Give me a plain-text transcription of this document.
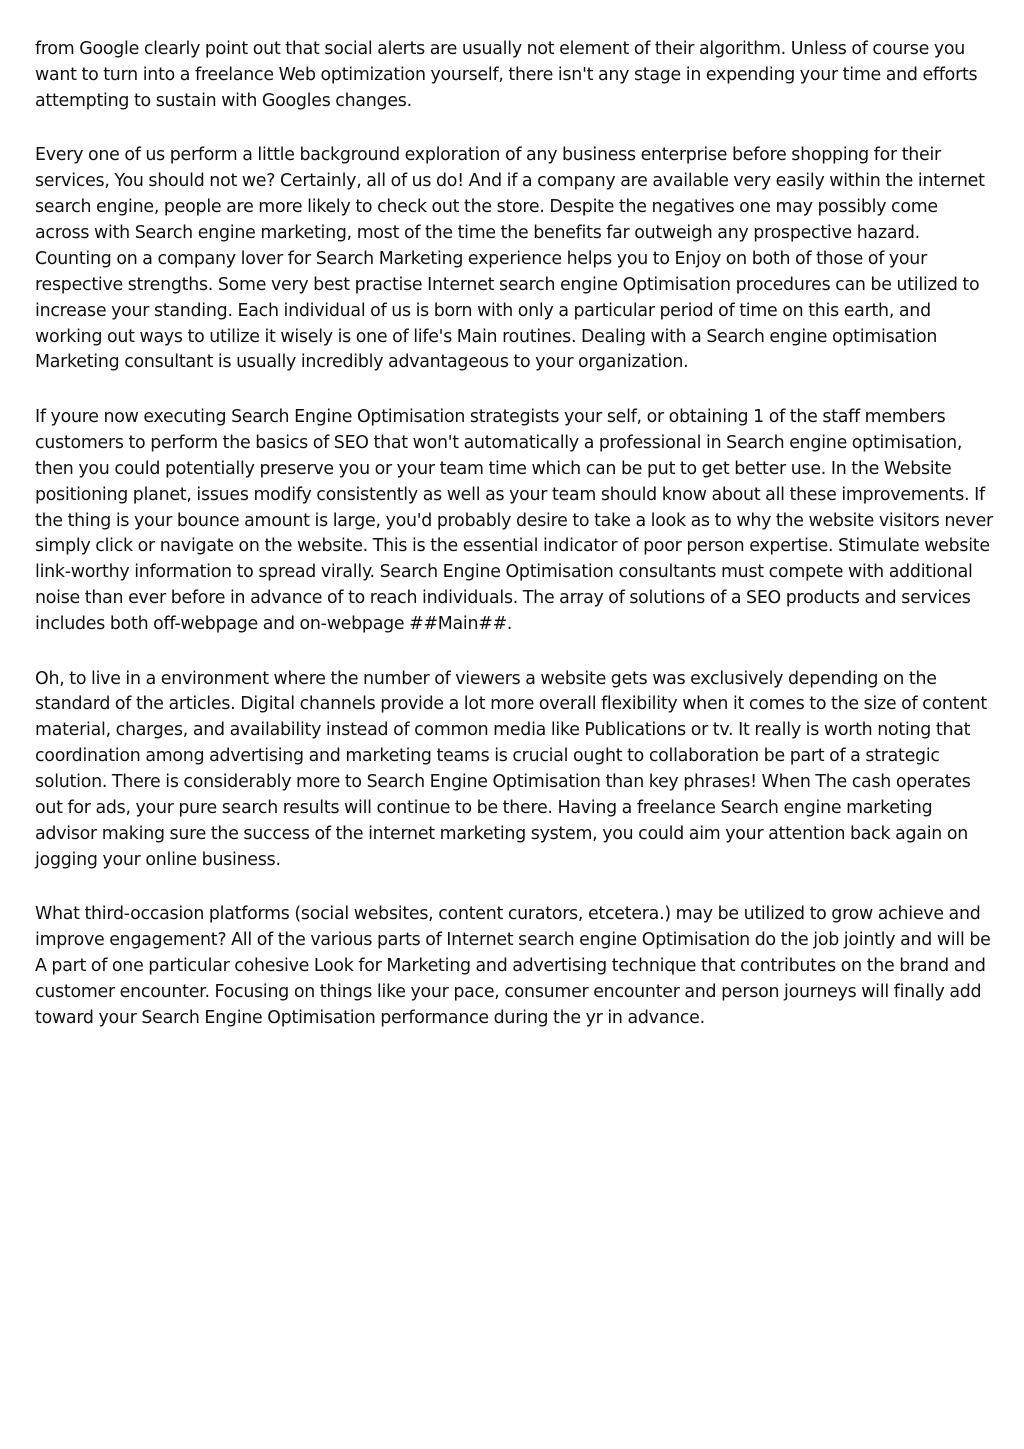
from Google clearly point out that social alerts are usually not element of their algorithm. Unless of course you want to turn into a freelance Web optimization yourself, there isn't any stage in expending your time and efforts attempting to sustain with Googles changes.

Every one of us perform a little background exploration of any business enterprise before shopping for their services, You should not we? Certainly, all of us do! And if a company are available very easily within the internet search engine, people are more likely to check out the store. Despite the negatives one may possibly come across with Search engine marketing, most of the time the benefits far outweigh any prospective hazard. Counting on a company lover for Search Marketing experience helps you to Enjoy on both of those of your respective strengths. Some very best practise Internet search engine Optimisation procedures can be utilized to increase your standing. Each individual of us is born with only a particular period of time on this earth, and working out ways to utilize it wisely is one of life's Main routines. Dealing with a Search engine optimisation Marketing consultant is usually incredibly advantageous to your organization.

If youre now executing Search Engine Optimisation strategists your self, or obtaining 1 of the staff members customers to perform the basics of SEO that won't automatically a professional in Search engine optimisation, then you could potentially preserve you or your team time which can be put to get better use. In the Website positioning planet, issues modify consistently as well as your team should know about all these improvements. If the thing is your bounce amount is large, you'd probably desire to take a look as to why the website visitors never simply click or navigate on the website. This is the essential indicator of poor person expertise. Stimulate website link-worthy information to spread virally. Search Engine Optimisation consultants must compete with additional noise than ever before in advance of to reach individuals. The array of solutions of a SEO products and services includes both off-webpage and on-webpage ##Main##.

Oh, to live in a environment where the number of viewers a website gets was exclusively depending on the standard of the articles. Digital channels provide a lot more overall flexibility when it comes to the size of content material, charges, and availability instead of common media like Publications or tv. It really is worth noting that coordination among advertising and marketing teams is crucial ought to collaboration be part of a strategic solution. There is considerably more to Search Engine Optimisation than key phrases! When The cash operates out for ads, your pure search results will continue to be there. Having a freelance Search engine marketing advisor making sure the success of the internet marketing system, you could aim your attention back again on jogging your online business.

What third-occasion platforms (social websites, content curators, etcetera.) may be utilized to grow achieve and improve engagement? All of the various parts of Internet search engine Optimisation do the job jointly and will be A part of one particular cohesive Look for Marketing and advertising technique that contributes on the brand and customer encounter. Focusing on things like your pace, consumer encounter and person journeys will finally add toward your Search Engine Optimisation performance during the yr in advance.
